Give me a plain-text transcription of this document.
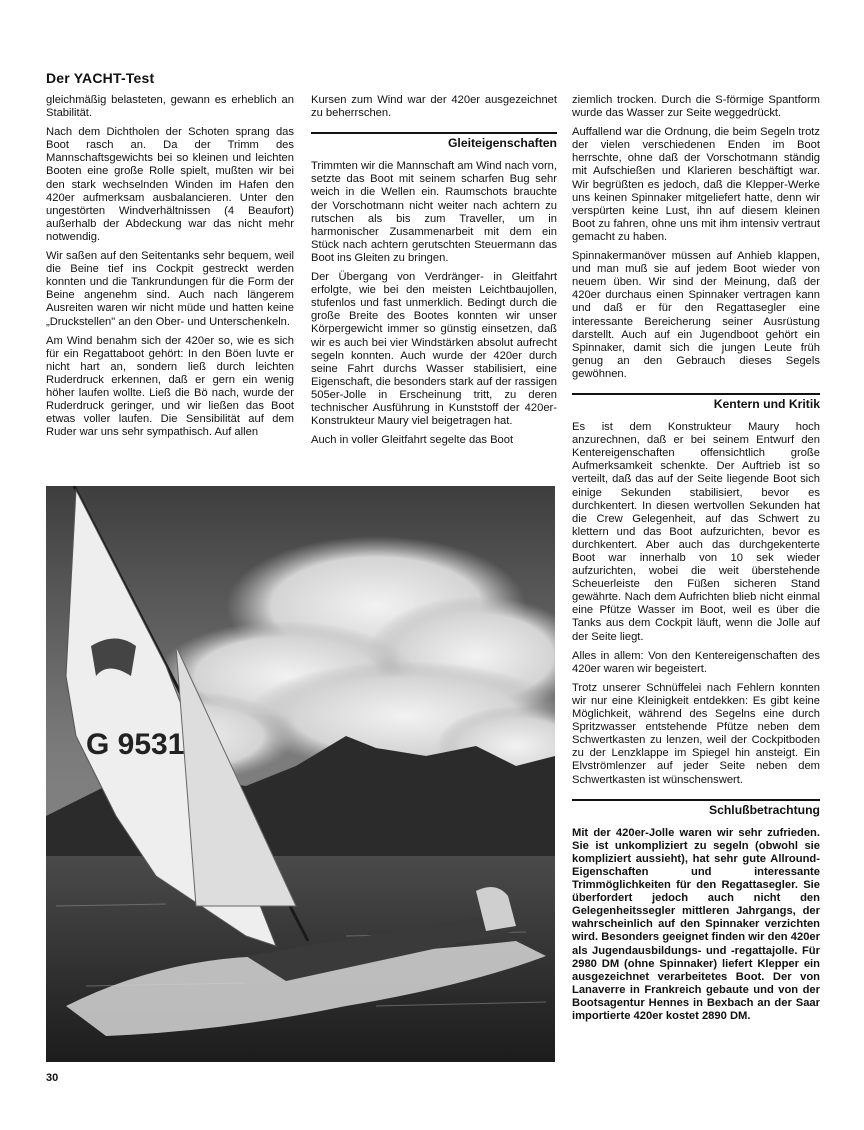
Der YACHT-Test

gleichmäßig belasteten, gewann es erheblich an Stabilität.

Nach dem Dichtholen der Schoten sprang das Boot rasch an. Da der Trimm des Mannschaftsgewichts bei so kleinen und leichten Booten eine große Rolle spielt, mußten wir bei den stark wechselnden Winden im Hafen den 420er aufmerksam ausbalancieren. Unter den ungestörten Windverhältnissen (4 Beaufort) außerhalb der Abdeckung war das nicht mehr notwendig.

Wir saßen auf den Seitentanks sehr bequem, weil die Beine tief ins Cockpit gestreckt werden konnten und die Tankrundungen für die Form der Beine angenehm sind. Auch nach längerem Ausreiten waren wir nicht müde und hatten keine „Druckstellen" an den Ober- und Unterschenkeln.

Am Wind benahm sich der 420er so, wie es sich für ein Regattaboot gehört: In den Böen luvte er nicht hart an, sondern ließ durch leichten Ruderdruck erkennen, daß er gern ein wenig höher laufen wollte. Ließ die Bö nach, wurde der Ruderdruck geringer, und wir ließen das Boot etwas voller laufen. Die Sensibilität auf dem Ruder war uns sehr sympathisch. Auf allen

Kursen zum Wind war der 420er ausgezeichnet zu beherrschen.

Gleiteigenschaften

Trimmten wir die Mannschaft am Wind nach vorn, setzte das Boot mit seinem scharfen Bug sehr weich in die Wellen ein. Raumschots brauchte der Vorschotmann nicht weiter nach achtern zu rutschen als bis zum Traveller, um in harmonischer Zusammenarbeit mit dem ein Stück nach achtern gerutschten Steuermann das Boot ins Gleiten zu bringen.

Der Übergang von Verdränger- in Gleitfahrt erfolgte, wie bei den meisten Leichtbaujollen, stufenlos und fast unmerklich. Bedingt durch die große Breite des Bootes konnten wir unser Körpergewicht immer so günstig einsetzen, daß wir es auch bei vier Windstärken absolut aufrecht segeln konnten. Auch wurde der 420er durch seine Fahrt durchs Wasser stabilisiert, eine Eigenschaft, die besonders stark auf der rassigen 505er-Jolle in Erscheinung tritt, zu deren technischer Ausführung in Kunststoff der 420er-Konstrukteur Maury viel beigetragen hat.

Auch in voller Gleitfahrt segelte das Boot

ziemlich trocken. Durch die S-förmige Spantform wurde das Wasser zur Seite weggedrückt.

Auffallend war die Ordnung, die beim Segeln trotz der vielen verschiedenen Enden im Boot herrschte, ohne daß der Vorschotmann ständig mit Aufschießen und Klarieren beschäftigt war. Wir begrüßten es jedoch, daß die Klepper-Werke uns keinen Spinnaker mitgeliefert hatte, denn wir verspürten keine Lust, ihn auf diesem kleinen Boot zu fahren, ohne uns mit ihm intensiv vertraut gemacht zu haben.

Spinnakermanöver müssen auf Anhieb klappen, und man muß sie auf jedem Boot wieder von neuem üben. Wir sind der Meinung, daß der 420er durchaus einen Spinnaker vertragen kann und daß er für den Regattasegler eine interessante Bereicherung seiner Ausrüstung darstellt. Auch auf ein Jugendboot gehört ein Spinnaker, damit sich die jungen Leute früh genug an den Gebrauch dieses Segels gewöhnen.

Kentern und Kritik

Es ist dem Konstrukteur Maury hoch anzurechnen, daß er bei seinem Entwurf den Kentereigenschaften offensichtlich große Aufmerksamkeit schenkte. Der Auftrieb ist so verteilt, daß das auf der Seite liegende Boot sich einige Sekunden stabilisiert, bevor es durchkentert. In diesen wertvollen Sekunden hat die Crew Gelegenheit, auf das Schwert zu klettern und das Boot aufzurichten, bevor es durchkentert. Aber auch das durchgekenterte Boot war innerhalb von 10 sek wieder aufzurichten, wobei die weit überstehende Scheuerleiste den Füßen sicheren Stand gewährte. Nach dem Aufrichten blieb nicht einmal eine Pfütze Wasser im Boot, weil es über die Tanks aus dem Cockpit läuft, wenn die Jolle auf der Seite liegt.

Alles in allem: Von den Kentereigenschaften des 420er waren wir begeistert.

Trotz unserer Schnüffelei nach Fehlern konnten wir nur eine Kleinigkeit entdekken: Es gibt keine Möglichkeit, während des Segelns eine durch Spritzwasser entstehende Pfütze neben dem Schwertkasten zu lenzen, weil der Cockpitboden zu der Lenzklappe im Spiegel hin ansteigt. Ein Elvströmlenzer auf jeder Seite neben dem Schwertkasten ist wünschenswert.

Schlußbetrachtung

Mit der 420er-Jolle waren wir sehr zufrieden. Sie ist unkompliziert zu segeln (obwohl sie kompliziert aussieht), hat sehr gute Allround-Eigenschaften und interessante Trimmöglichkeiten für den Regattasegler. Sie überfordert jedoch auch nicht den Gelegenheitssegler mittleren Jahrgangs, der wahrscheinlich auf den Spinnaker verzichten wird. Besonders geeignet finden wir den 420er als Jugendausbildungs- und -regattajolle. Für 2980 DM (ohne Spinnaker) liefert Klepper ein ausgezeichnet verarbeitetes Boot. Der von Lanaverre in Frankreich gebaute und von der Bootsagentur Hennes in Bexbach an der Saar importierte 420er kostet 2890 DM.

G 9531
30
